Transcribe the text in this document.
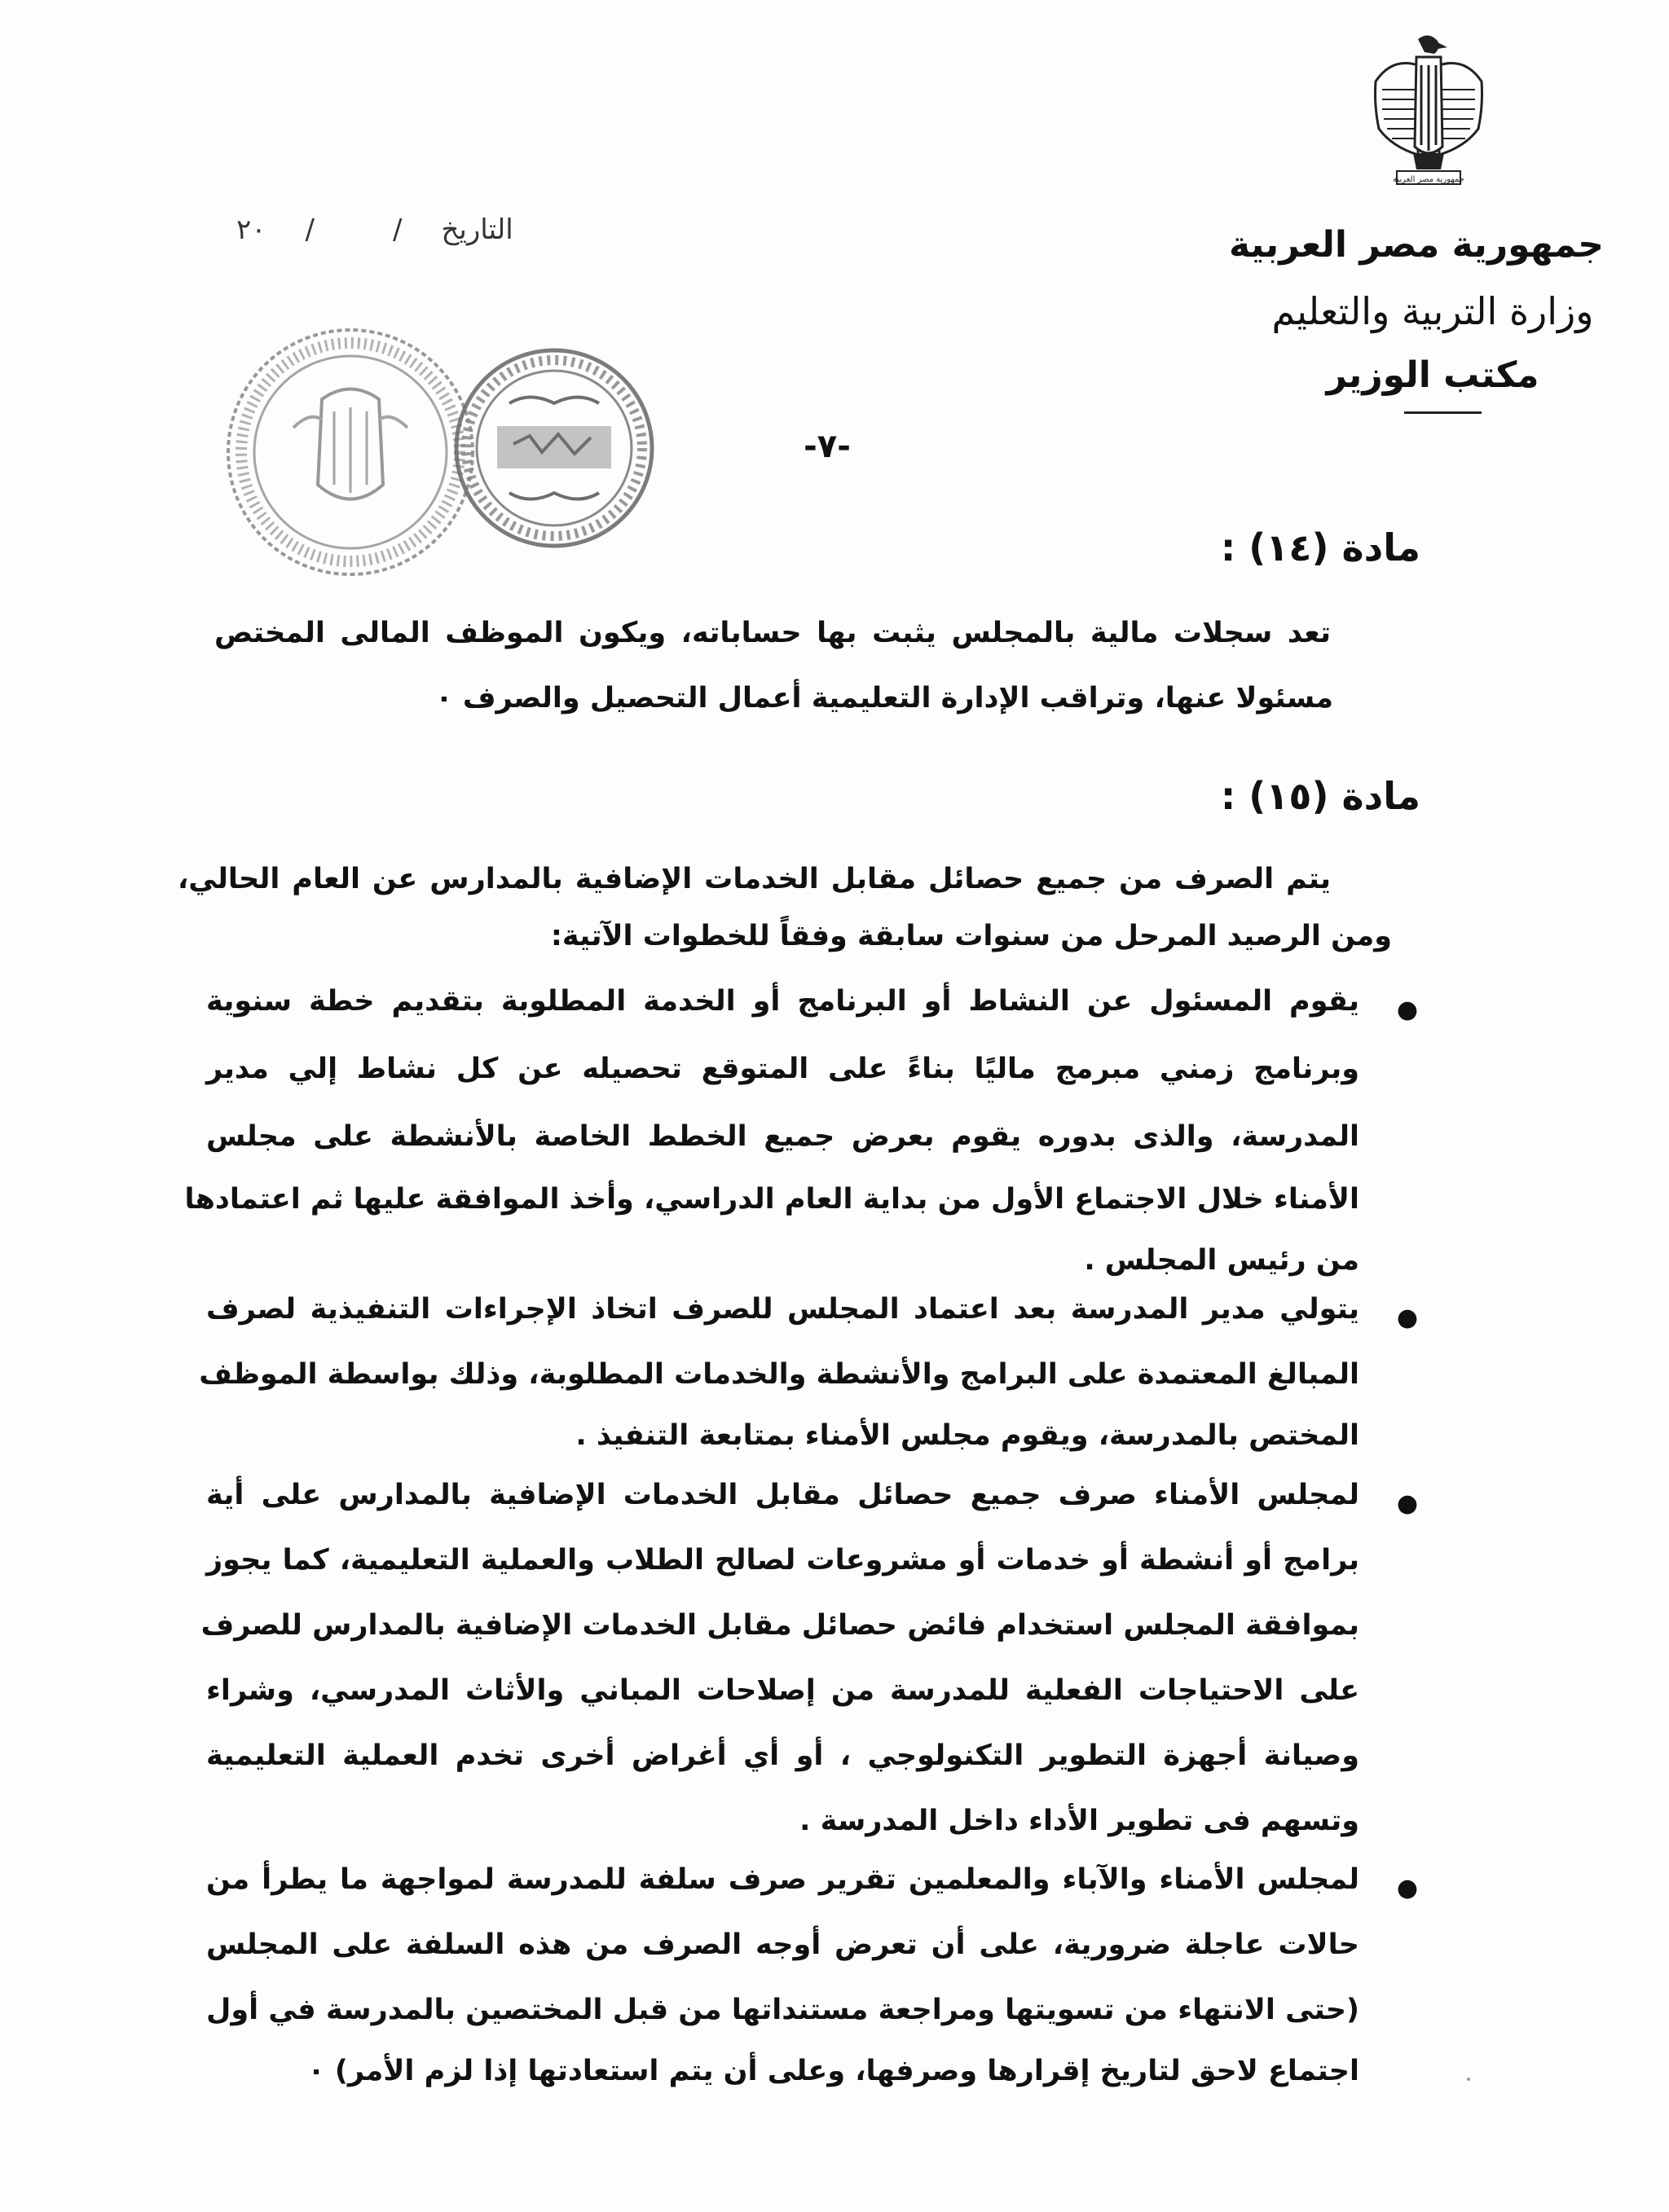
جمهورية مصر العربية
جمهورية مصر العربية
وزارة التربية والتعليم
مكتب الوزير
التاريخ//٢٠
-٧-
مادة (١٤) :
تعد سجلات مالية بالمجلس يثبت بها حساباته، ويكون الموظف المالى المختص
مسئولا عنها، وتراقب الإدارة التعليمية أعمال التحصيل والصرف ٠
مادة (١٥) :
يتم الصرف من جميع حصائل مقابل الخدمات الإضافية بالمدارس عن العام الحالي،
ومن الرصيد المرحل من سنوات سابقة وفقاً للخطوات الآتية:
●
يقوم المسئول عن النشاط أو البرنامج أو الخدمة المطلوبة بتقديم خطة سنوية
وبرنامج زمني مبرمج ماليًا بناءً على المتوقع تحصيله عن كل نشاط إلي مدير
المدرسة، والذى بدوره يقوم بعرض جميع الخطط الخاصة بالأنشطة على مجلس
الأمناء خلال الاجتماع الأول من بداية العام الدراسي، وأخذ الموافقة عليها ثم اعتمادها
من رئيس المجلس .
●
يتولي مدير المدرسة بعد اعتماد المجلس للصرف اتخاذ الإجراءات التنفيذية لصرف
المبالغ المعتمدة على البرامج والأنشطة والخدمات المطلوبة، وذلك بواسطة الموظف
المختص بالمدرسة، ويقوم مجلس الأمناء بمتابعة التنفيذ .
●
لمجلس الأمناء صرف جميع حصائل مقابل الخدمات الإضافية بالمدارس على أية
برامج أو أنشطة أو خدمات أو مشروعات لصالح الطلاب والعملية التعليمية، كما يجوز
بموافقة المجلس استخدام فائض حصائل مقابل الخدمات الإضافية بالمدارس للصرف
على الاحتياجات الفعلية للمدرسة من إصلاحات المباني والأثاث المدرسي، وشراء
وصيانة أجهزة التطوير التكنولوجي ، أو أي أغراض أخرى تخدم العملية التعليمية
وتسهم فى تطوير الأداء داخل المدرسة .
●
لمجلس الأمناء والآباء والمعلمين تقرير صرف سلفة للمدرسة لمواجهة ما يطرأ من
حالات عاجلة ضرورية، على أن تعرض أوجه الصرف من هذه السلفة على المجلس
(حتى الانتهاء من تسويتها ومراجعة مستنداتها من قبل المختصين بالمدرسة في أول
اجتماع لاحق لتاريخ إقرارها وصرفها، وعلى أن يتم استعادتها إذا لزم الأمر) ٠
